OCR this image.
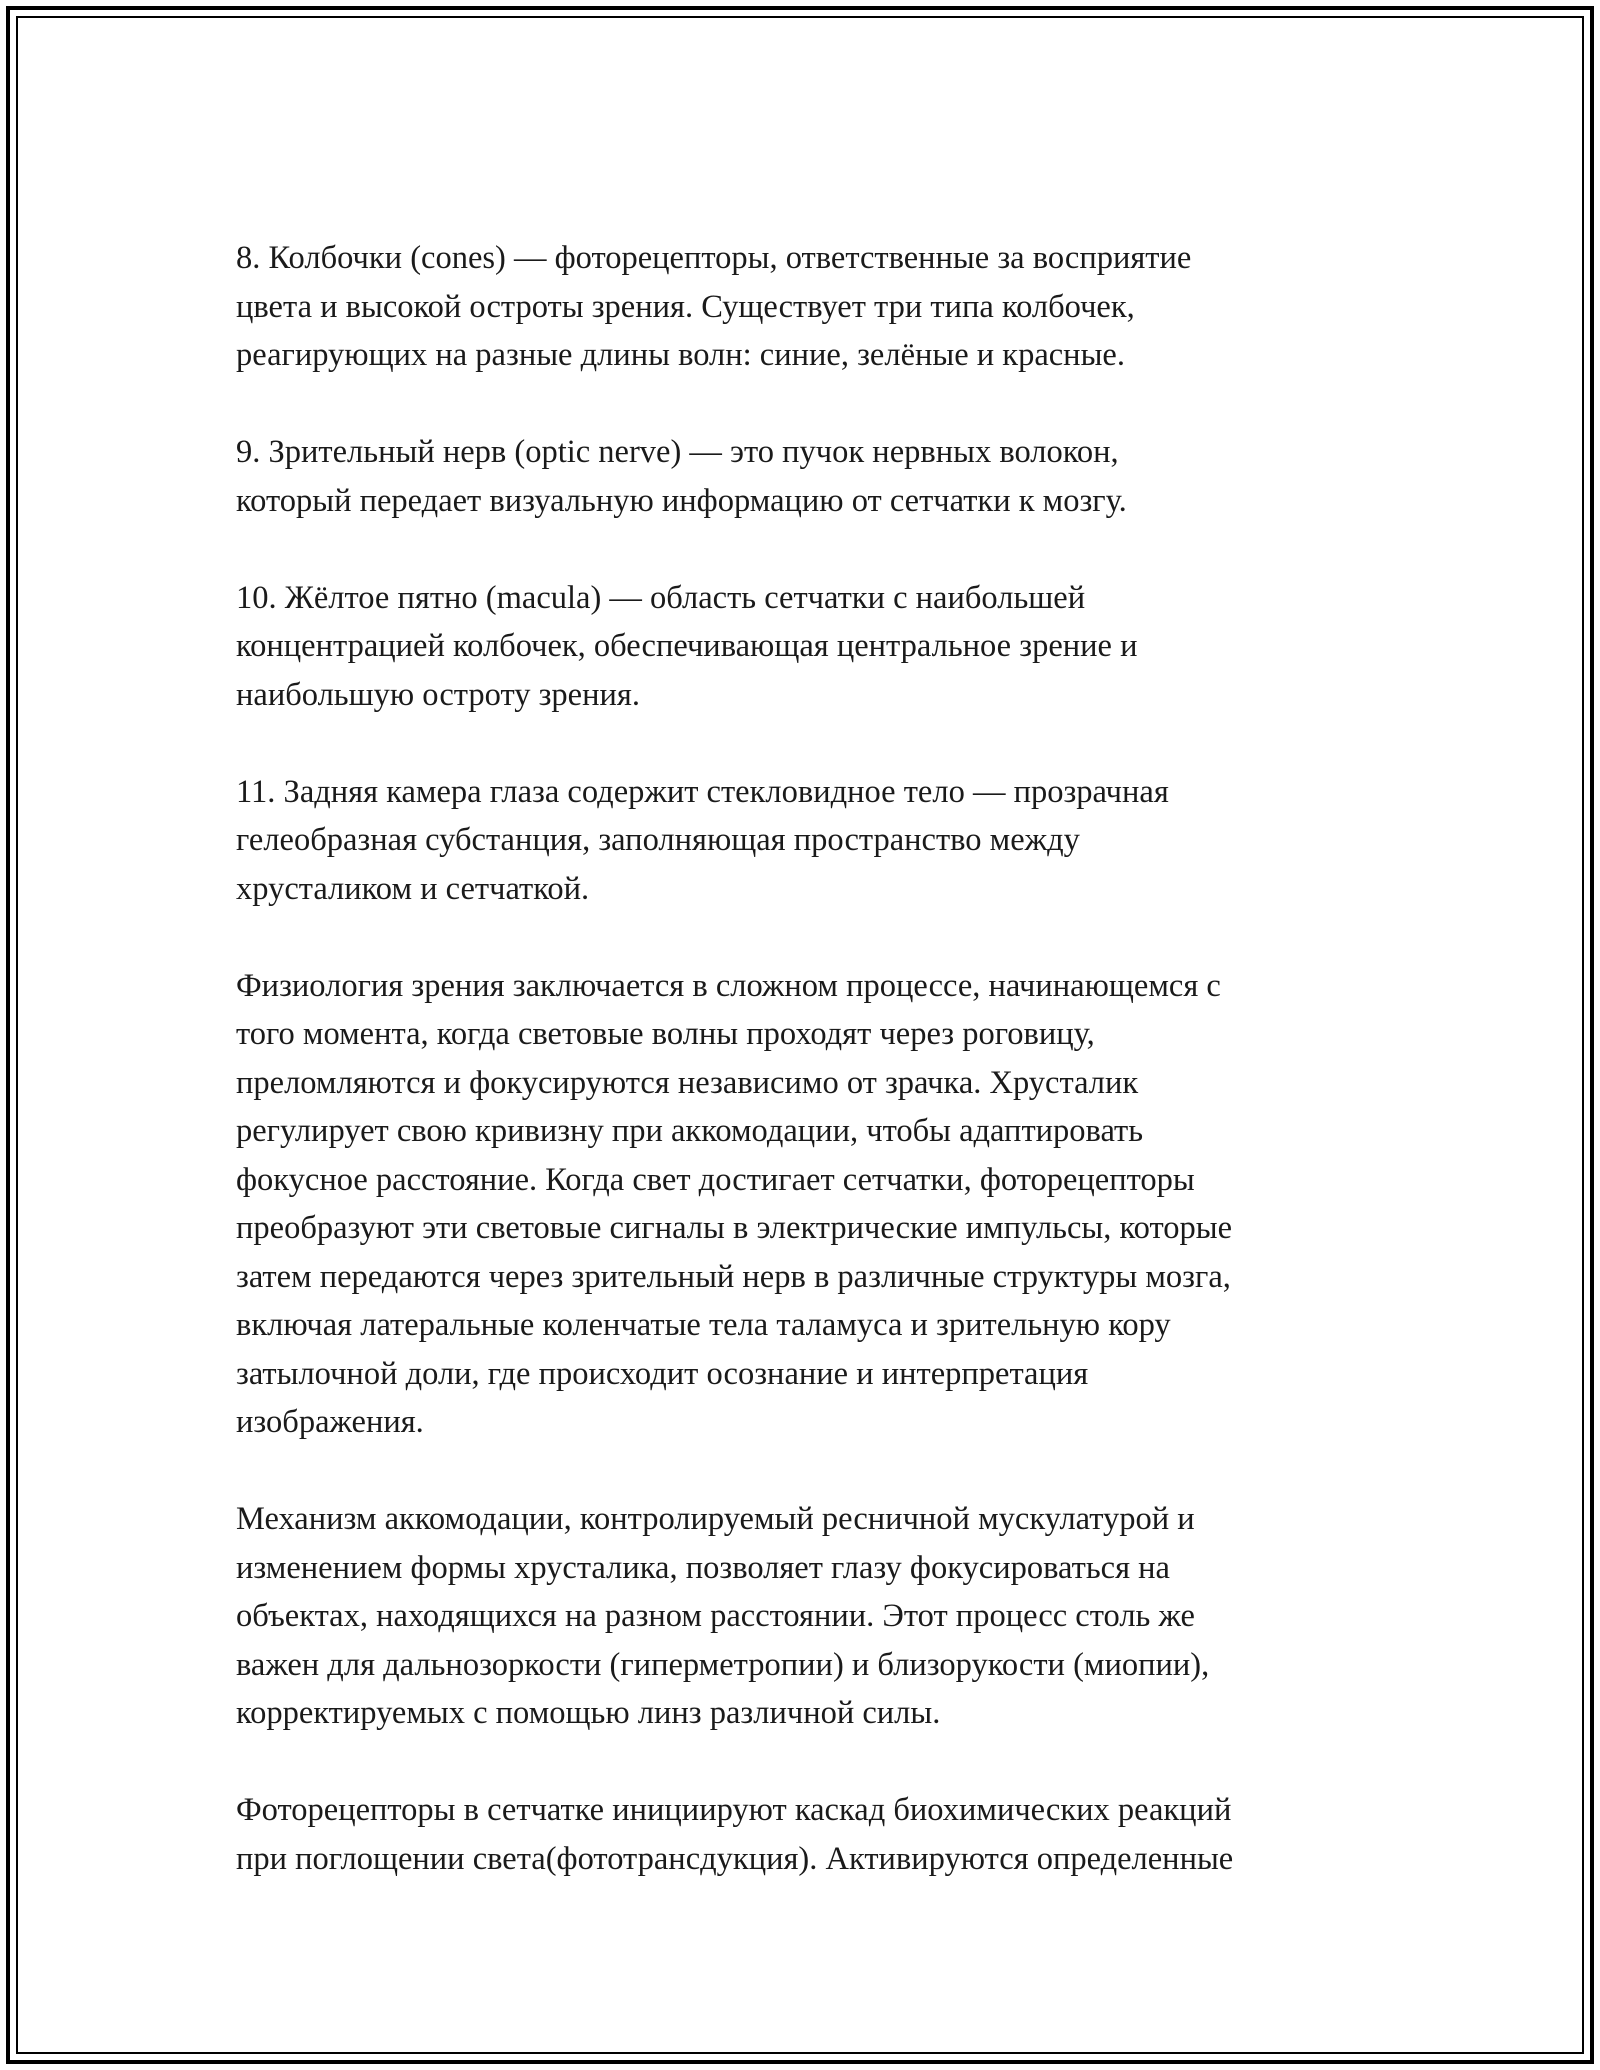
8. Колбочки (cones) — фоторецепторы, ответственные за восприятие
цвета и высокой остроты зрения. Существует три типа колбочек,
реагирующих на разные длины волн: синие, зелёные и красные.

9. Зрительный нерв (optic nerve) — это пучок нервных волокон,
который передает визуальную информацию от сетчатки к мозгу.

10. Жёлтое пятно (macula) — область сетчатки с наибольшей
концентрацией колбочек, обеспечивающая центральное зрение и
наибольшую остроту зрения.

11. Задняя камера глаза содержит стекловидное тело — прозрачная
гелеобразная субстанция, заполняющая пространство между
хрусталиком и сетчаткой.

Физиология зрения заключается в сложном процессе, начинающемся с
того момента, когда световые волны проходят через роговицу,
преломляются и фокусируются независимо от зрачка. Хрусталик
регулирует свою кривизну при аккомодации, чтобы адаптировать
фокусное расстояние. Когда свет достигает сетчатки, фоторецепторы
преобразуют эти световые сигналы в электрические импульсы, которые
затем передаются через зрительный нерв в различные структуры мозга,
включая латеральные коленчатые тела таламуса и зрительную кору
затылочной доли, где происходит осознание и интерпретация
изображения.

Механизм аккомодации, контролируемый ресничной мускулатурой и
изменением формы хрусталика, позволяет глазу фокусироваться на
объектах, находящихся на разном расстоянии. Этот процесс столь же
важен для дальнозоркости (гиперметропии) и близорукости (миопии),
корректируемых с помощью линз различной силы.

Фоторецепторы в сетчатке инициируют каскад биохимических реакций
при поглощении света(фототрансдукция). Активируются определенные
